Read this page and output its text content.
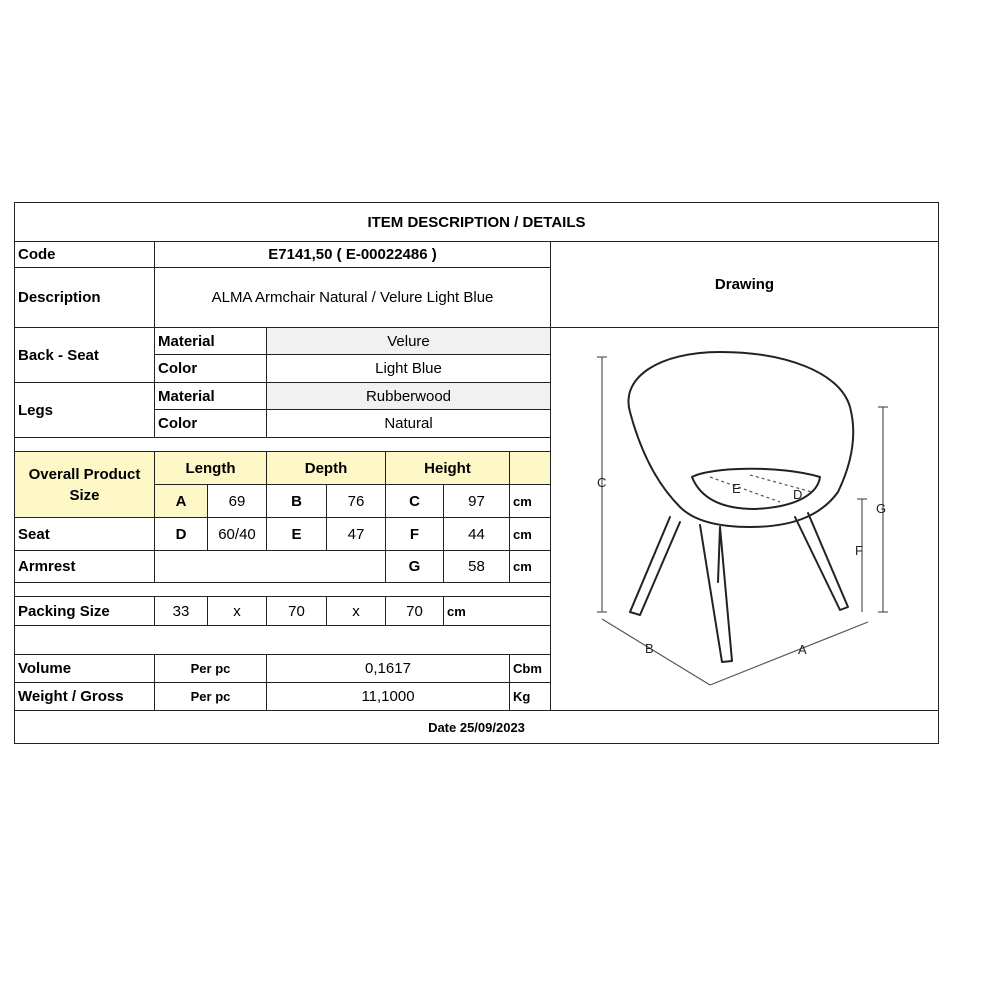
ITEM DESCRIPTION / DETAILS
Code	E7141,50 ( E-00022486 )
Drawing
Description	ALMA Armchair Natural / Velure Light Blue
Back - Seat
Material	Velure
Color	Light Blue
Legs
Material	Rubberwood
Color	Natural
Overall Product Size
Length	Depth	Height
A	69	B	76	C	97	cm
Seat	D	60/40	E	47	F	44	cm
Armrest	G	58	cm
Packing Size	33	x	70	x	70	cm
Volume	Per pc	0,1617	Cbm
Weight / Gross	Per pc	11,1000	Kg
C
G
F
B	A
E	D
Date 25/09/2023
